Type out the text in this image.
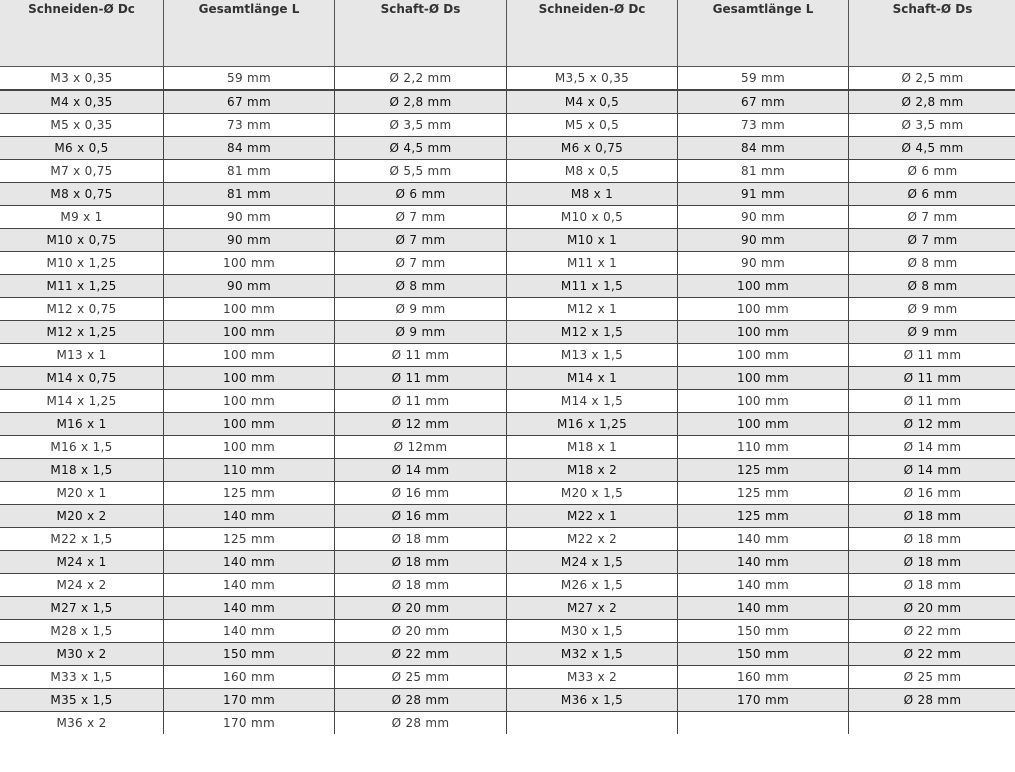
Schneiden-Ø Dc	Gesamtlänge L	Schaft-Ø Ds	Schneiden-Ø Dc	Gesamtlänge L	Schaft-Ø Ds
M3 x 0,35	59 mm	Ø 2,2 mm	M3,5 x 0,35	59 mm	Ø 2,5 mm
M4 x 0,35	67 mm	Ø 2,8 mm	M4 x 0,5	67 mm	Ø 2,8 mm
M5 x 0,35	73 mm	Ø 3,5 mm	M5 x 0,5	73 mm	Ø 3,5 mm
M6 x 0,5	84 mm	Ø 4,5 mm	M6 x 0,75	84 mm	Ø 4,5 mm
M7 x 0,75	81 mm	Ø 5,5 mm	M8 x 0,5	81 mm	Ø 6 mm
M8 x 0,75	81 mm	Ø 6 mm	M8 x 1	91 mm	Ø 6 mm
M9 x 1	90 mm	Ø 7 mm	M10 x 0,5	90 mm	Ø 7 mm
M10 x 0,75	90 mm	Ø 7 mm	M10 x 1	90 mm	Ø 7 mm
M10 x 1,25	100 mm	Ø 7 mm	M11 x 1	90 mm	Ø 8 mm
M11 x 1,25	90 mm	Ø 8 mm	M11 x 1,5	100 mm	Ø 8 mm
M12 x 0,75	100 mm	Ø 9 mm	M12 x 1	100 mm	Ø 9 mm
M12 x 1,25	100 mm	Ø 9 mm	M12 x 1,5	100 mm	Ø 9 mm
M13 x 1	100 mm	Ø 11 mm	M13 x 1,5	100 mm	Ø 11 mm
M14 x 0,75	100 mm	Ø 11 mm	M14 x 1	100 mm	Ø 11 mm
M14 x 1,25	100 mm	Ø 11 mm	M14 x 1,5	100 mm	Ø 11 mm
M16 x 1	100 mm	Ø 12 mm	M16 x 1,25	100 mm	Ø 12 mm
M16 x 1,5	100 mm	Ø 12mm	M18 x 1	110 mm	Ø 14 mm
M18 x 1,5	110 mm	Ø 14 mm	M18 x 2	125 mm	Ø 14 mm
M20 x 1	125 mm	Ø 16 mm	M20 x 1,5	125 mm	Ø 16 mm
M20 x 2	140 mm	Ø 16 mm	M22 x 1	125 mm	Ø 18 mm
M22 x 1,5	125 mm	Ø 18 mm	M22 x 2	140 mm	Ø 18 mm
M24 x 1	140 mm	Ø 18 mm	M24 x 1,5	140 mm	Ø 18 mm
M24 x 2	140 mm	Ø 18 mm	M26 x 1,5	140 mm	Ø 18 mm
M27 x 1,5	140 mm	Ø 20 mm	M27 x 2	140 mm	Ø 20 mm
M28 x 1,5	140 mm	Ø 20 mm	M30 x 1,5	150 mm	Ø 22 mm
M30 x 2	150 mm	Ø 22 mm	M32 x 1,5	150 mm	Ø 22 mm
M33 x 1,5	160 mm	Ø 25 mm	M33 x 2	160 mm	Ø 25 mm
M35 x 1,5	170 mm	Ø 28 mm	M36 x 1,5	170 mm	Ø 28 mm
M36 x 2	170 mm	Ø 28 mm			
